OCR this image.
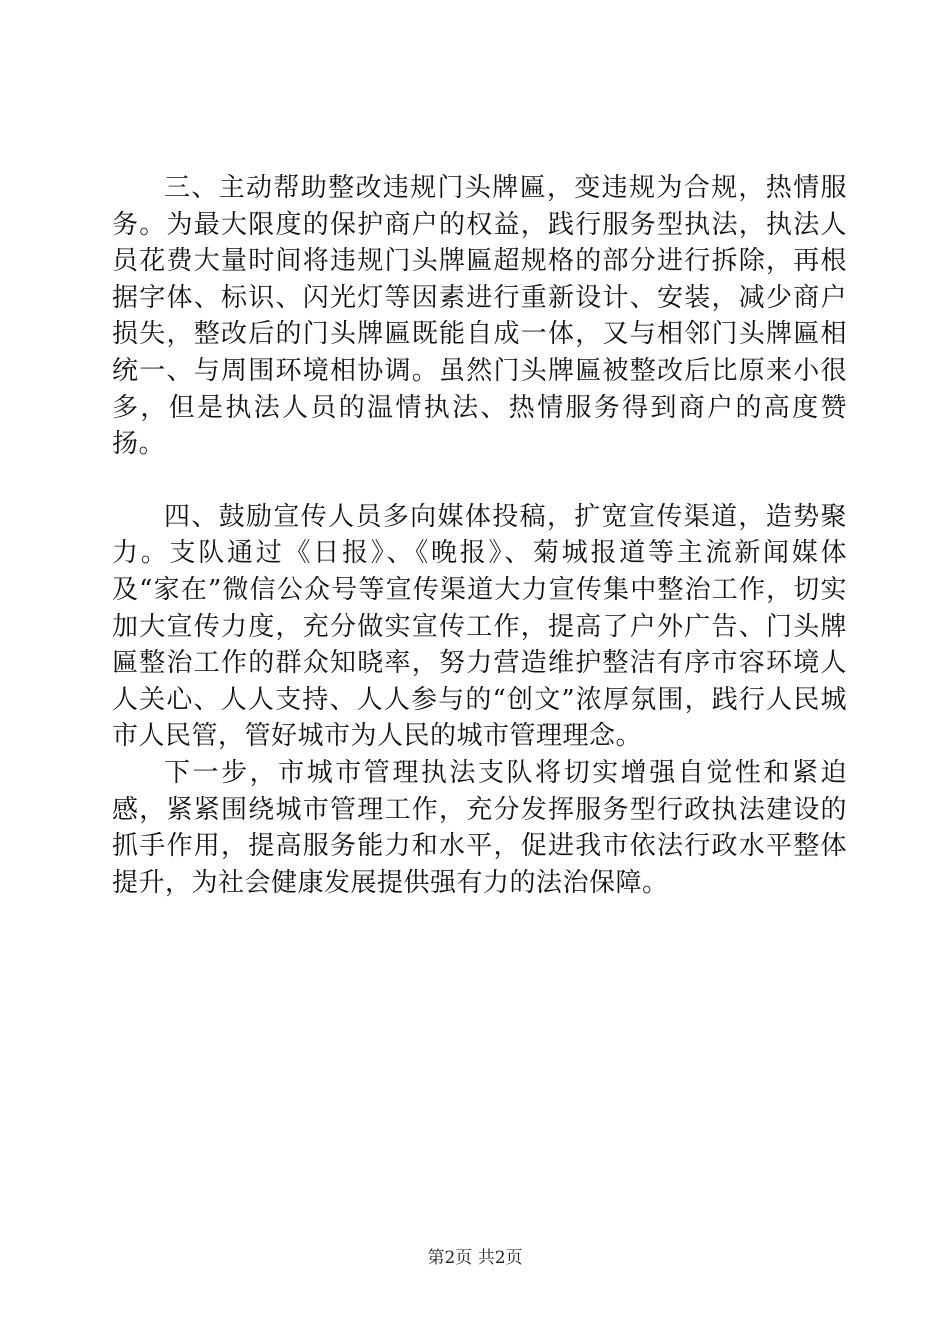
三、主动帮助整改违规门头牌匾，变违规为合规，热情服务。为最大限度的保护商户的权益，践行服务型执法，执法人员花费大量时间将违规门头牌匾超规格的部分进行拆除，再根据字体、标识、闪光灯等因素进行重新设计、安装，减少商户损失，整改后的门头牌匾既能自成一体，又与相邻门头牌匾相统一、与周围环境相协调。虽然门头牌匾被整改后比原来小很多，但是执法人员的温情执法、热情服务得到商户的高度赞扬。

四、鼓励宣传人员多向媒体投稿，扩宽宣传渠道，造势聚力。支队通过《日报》、《晚报》、菊城报道等主流新闻媒体及“家在”微信公众号等宣传渠道大力宣传集中整治工作，切实加大宣传力度，充分做实宣传工作，提高了户外广告、门头牌匾整治工作的群众知晓率，努力营造维护整洁有序市容环境人人关心、人人支持、人人参与的“创文”浓厚氛围，践行人民城市人民管，管好城市为人民的城市管理理念。

下一步，市城市管理执法支队将切实增强自觉性和紧迫感，紧紧围绕城市管理工作，充分发挥服务型行政执法建设的抓手作用，提高服务能力和水平，促进我市依法行政水平整体提升，为社会健康发展提供强有力的法治保障。

第2页 共2页
